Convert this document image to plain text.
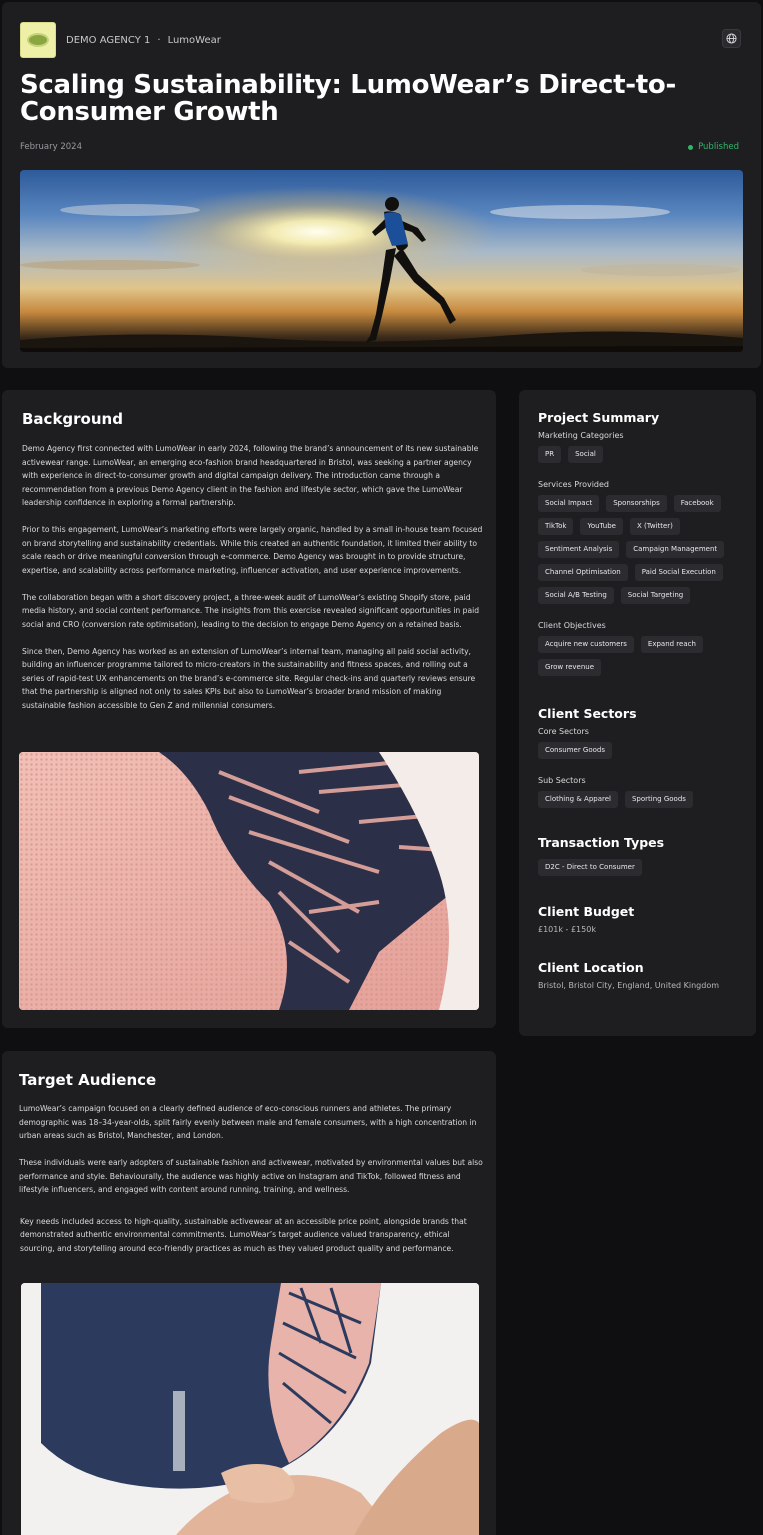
DEMO AGENCY 1 · LumoWear
Scaling Sustainability: LumoWear’s Direct-to-Consumer Growth
February 2024	Published
Background

Demo Agency first connected with LumoWear in early 2024, following the brand’s announcement of its new sustainable activewear range. LumoWear, an emerging eco-fashion brand headquartered in Bristol, was seeking a partner agency with experience in direct-to-consumer growth and digital campaign delivery. The introduction came through a recommendation from a previous Demo Agency client in the fashion and lifestyle sector, which gave the LumoWear leadership confidence in exploring a formal partnership.

Prior to this engagement, LumoWear’s marketing efforts were largely organic, handled by a small in-house team focused on brand storytelling and sustainability credentials. While this created an authentic foundation, it limited their ability to scale reach or drive meaningful conversion through e-commerce. Demo Agency was brought in to provide structure, expertise, and scalability across performance marketing, influencer activation, and user experience improvements.

The collaboration began with a short discovery project, a three-week audit of LumoWear’s existing Shopify store, paid media history, and social content performance. The insights from this exercise revealed significant opportunities in paid social and CRO (conversion rate optimisation), leading to the decision to engage Demo Agency on a retained basis.

Since then, Demo Agency has worked as an extension of LumoWear’s internal team, managing all paid social activity, building an influencer programme tailored to micro-creators in the sustainability and fitness spaces, and rolling out a series of rapid-test UX enhancements on the brand’s e-commerce site. Regular check-ins and quarterly reviews ensure that the partnership is aligned not only to sales KPIs but also to LumoWear’s broader brand mission of making sustainable fashion accessible to Gen Z and millennial consumers.

Target Audience

LumoWear’s campaign focused on a clearly defined audience of eco-conscious runners and athletes. The primary demographic was 18–34-year-olds, split fairly evenly between male and female consumers, with a high concentration in urban areas such as Bristol, Manchester, and London.

These individuals were early adopters of sustainable fashion and activewear, motivated by environmental values but also performance and style. Behaviourally, the audience was highly active on Instagram and TikTok, followed fitness and lifestyle influencers, and engaged with content around running, training, and wellness.

Key needs included access to high-quality, sustainable activewear at an accessible price point, alongside brands that demonstrated authentic environmental commitments. LumoWear’s target audience valued transparency, ethical sourcing, and storytelling around eco-friendly practices as much as they valued product quality and performance.

Project Summary
Marketing Categories
PR	Social
Services Provided
Social Impact	Sponsorships	Facebook
TikTok	YouTube	X (Twitter)
Sentiment Analysis	Campaign Management
Channel Optimisation	Paid Social Execution
Social A/B Testing	Social Targeting
Client Objectives
Acquire new customers	Expand reach
Grow revenue
Client Sectors
Core Sectors
Consumer Goods
Sub Sectors
Clothing & Apparel	Sporting Goods
Transaction Types
D2C - Direct to Consumer
Client Budget
£101k - £150k
Client Location
Bristol, Bristol City, England, United Kingdom
